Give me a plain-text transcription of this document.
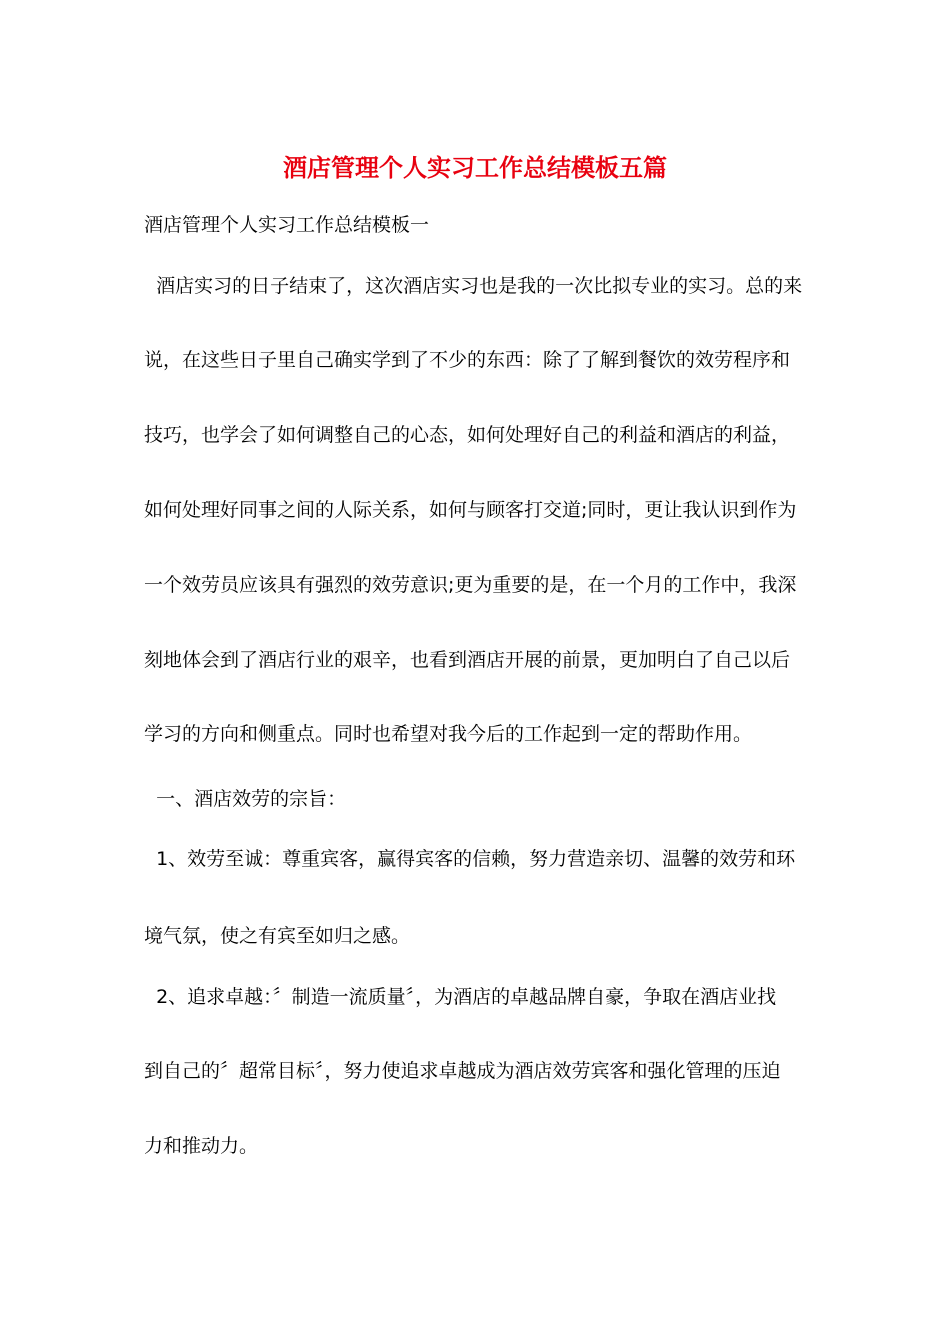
酒店管理个人实习工作总结模板五篇
酒店管理个人实习工作总结模板一
酒店实习的日子结束了，这次酒店实习也是我的一次比拟专业的实习。总的来
说，在这些日子里自己确实学到了不少的东西：除了了解到餐饮的效劳程序和
技巧，也学会了如何调整自己的心态，如何处理好自己的利益和酒店的利益，
如何处理好同事之间的人际关系，如何与顾客打交道;同时，更让我认识到作为
一个效劳员应该具有强烈的效劳意识;更为重要的是，在一个月的工作中，我深
刻地体会到了酒店行业的艰辛，也看到酒店开展的前景，更加明白了自己以后
学习的方向和侧重点。同时也希望对我今后的工作起到一定的帮助作用。
一、酒店效劳的宗旨：
1、效劳至诚：尊重宾客，赢得宾客的信赖，努力营造亲切、温馨的效劳和环
境气氛，使之有宾至如归之感。
2、追求卓越：〞制造一流质量〞，为酒店的卓越品牌自豪，争取在酒店业找
到自己的〞超常目标〞，努力使追求卓越成为酒店效劳宾客和强化管理的压迫
力和推动力。
